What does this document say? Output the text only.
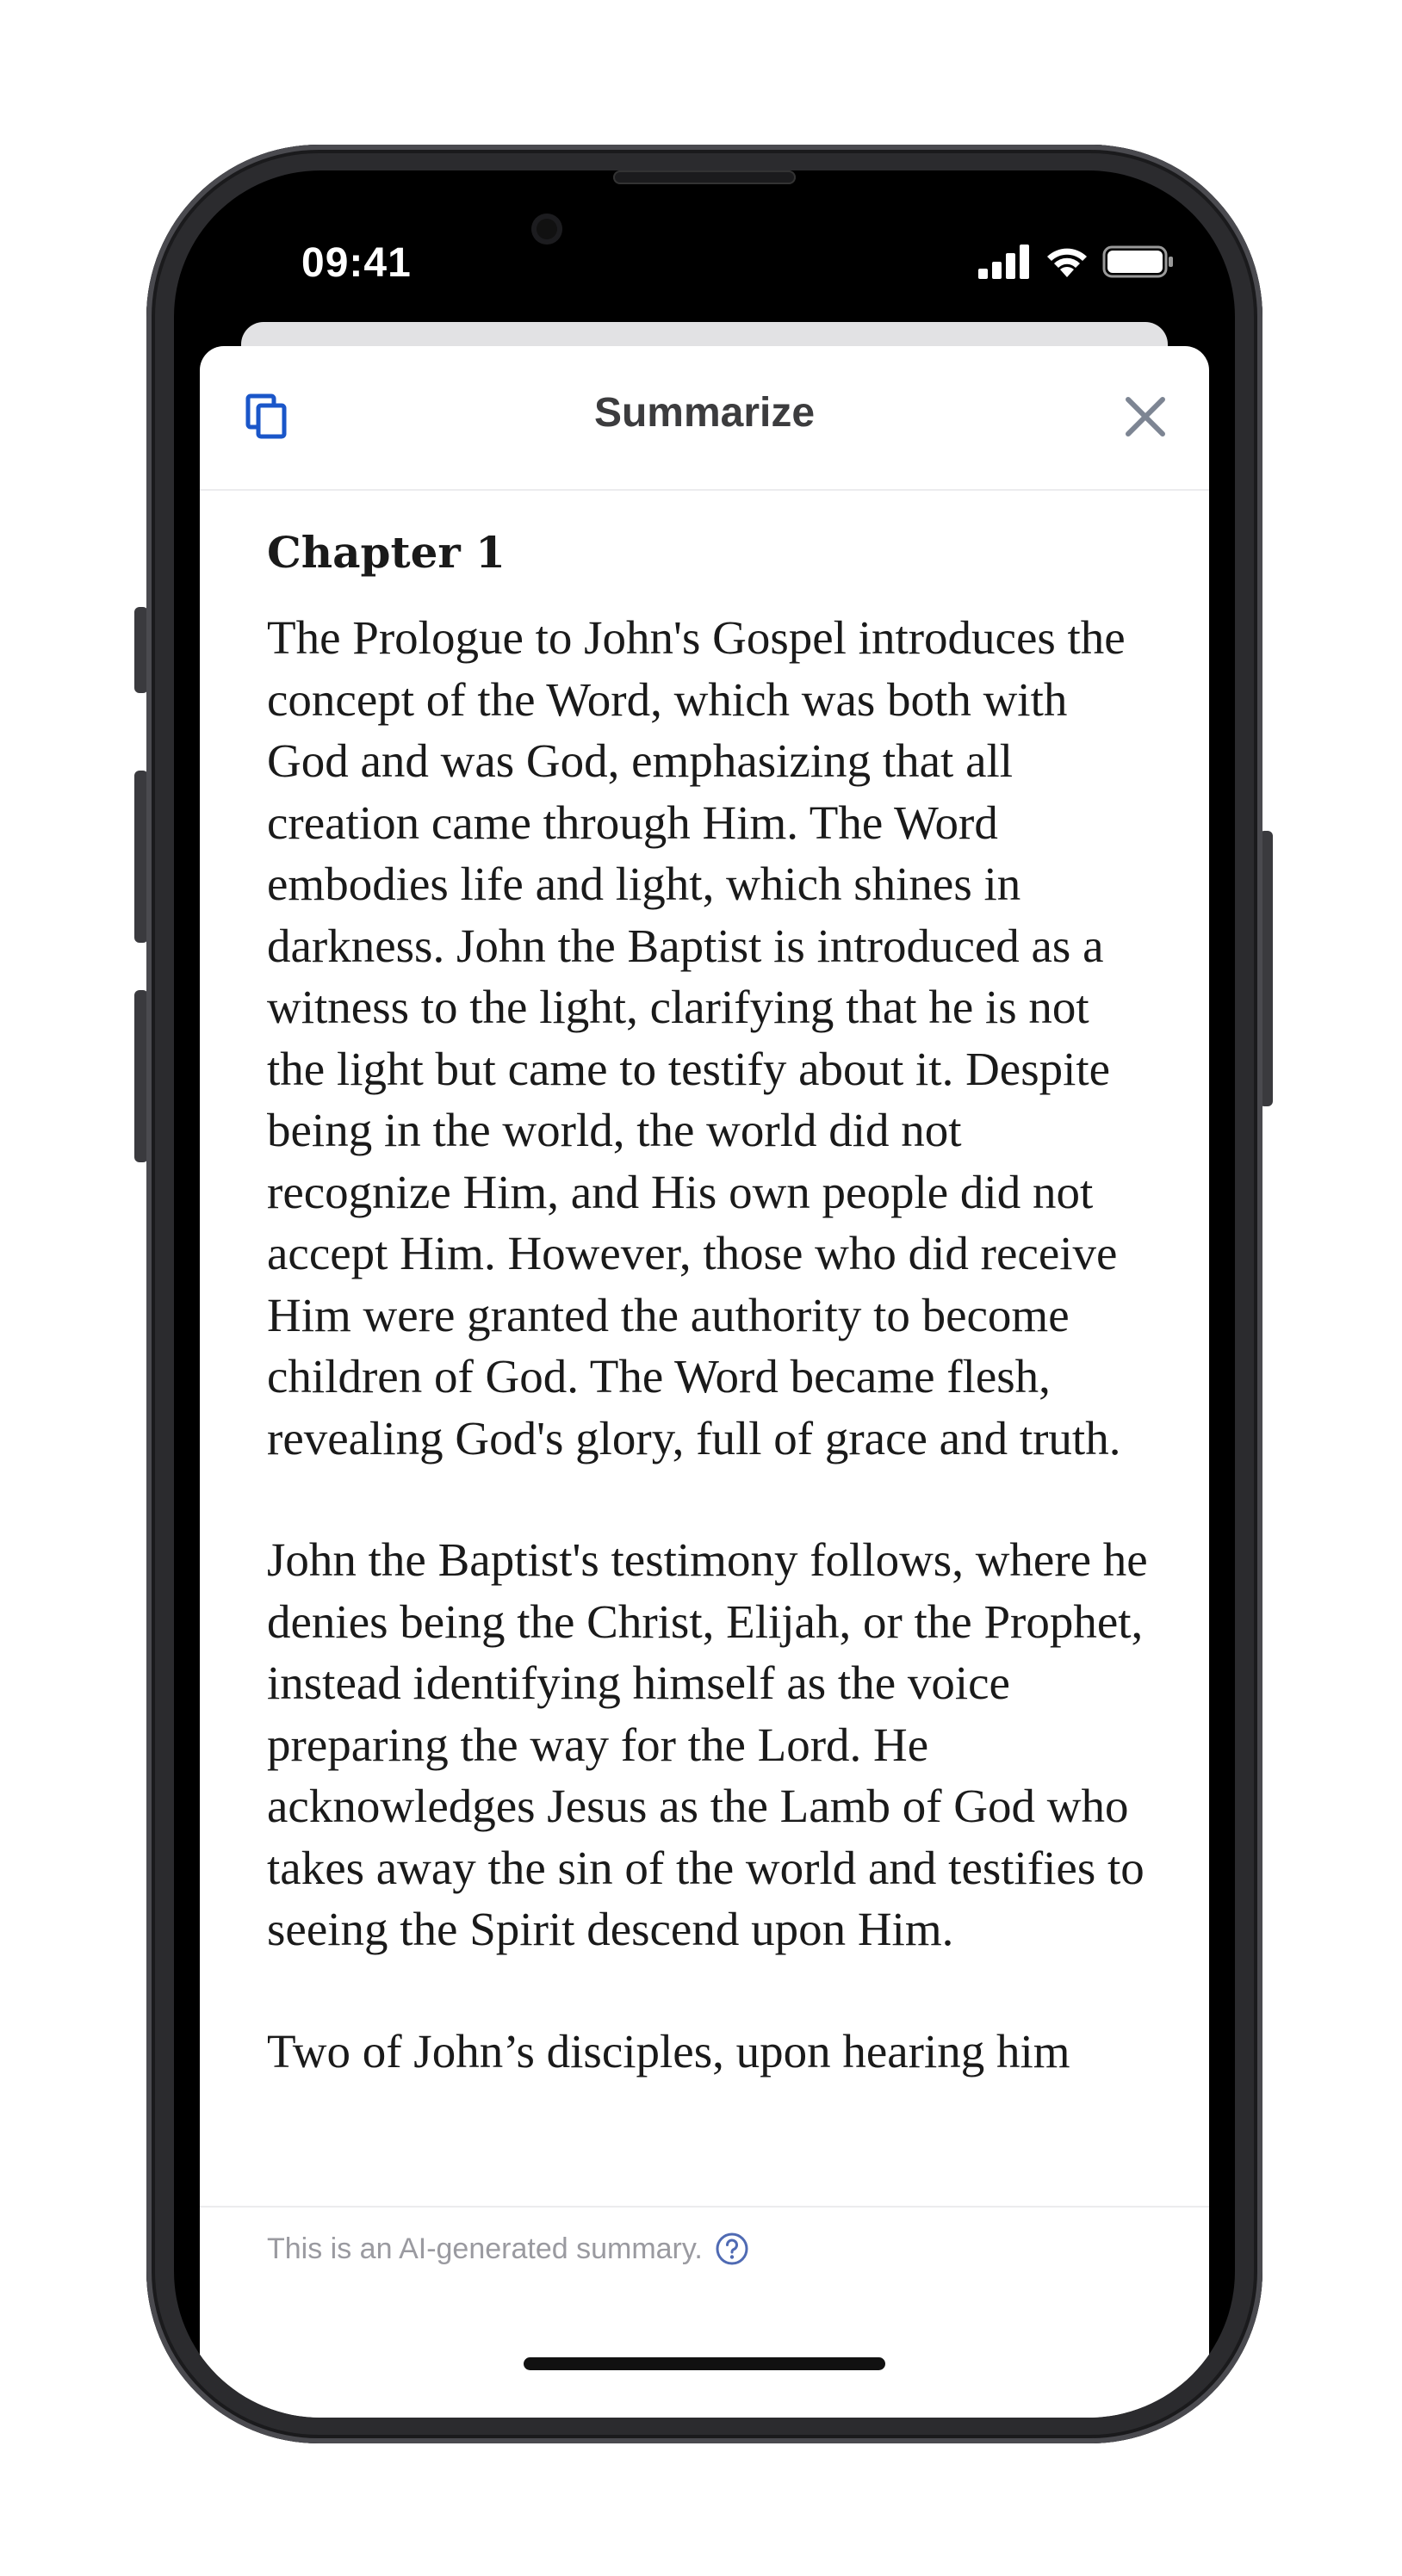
09:41
Summarize
Chapter 1

The Prologue to John's Gospel introduces the concept of the Word, which was both with God and was God, emphasizing that all creation came through Him. The Word embodies life and light, which shines in darkness. John the Baptist is introduced as a witness to the light, clarifying that he is not the light but came to testify about it. Despite being in the world, the world did not recognize Him, and His own people did not accept Him. However, those who did receive Him were granted the authority to become children of God. The Word became flesh, revealing God's glory, full of grace and truth.

John the Baptist's testimony follows, where he denies being the Christ, Elijah, or the Prophet, instead identifying himself as the voice preparing the way for the Lord. He acknowledges Jesus as the Lamb of God who takes away the sin of the world and testifies to seeing the Spirit descend upon Him.

Two of John’s disciples, upon hearing him

This is an AI-generated summary.
